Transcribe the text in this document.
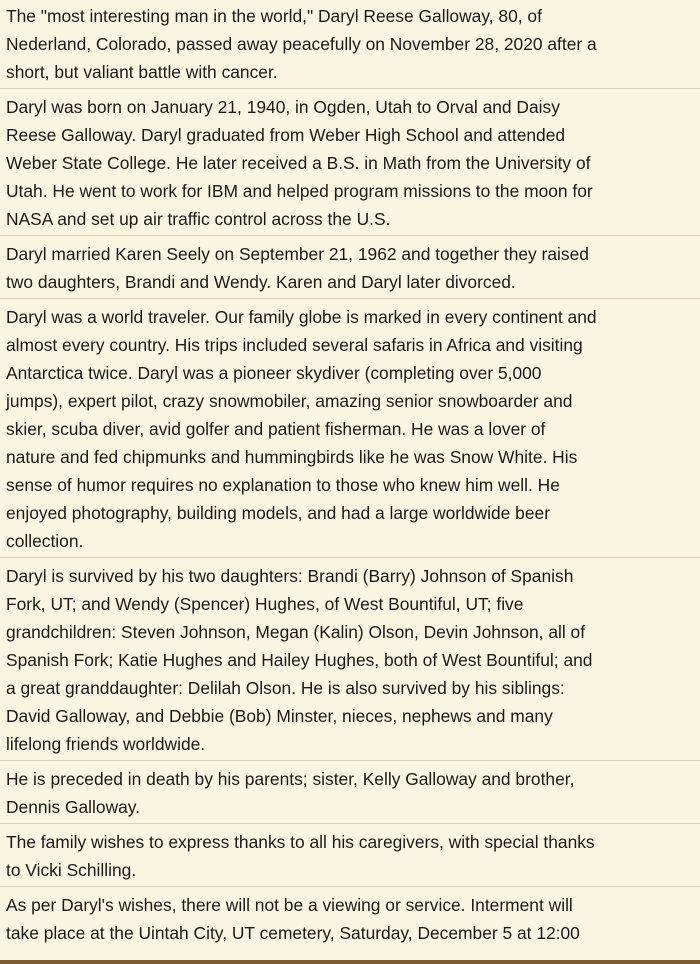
The "most interesting man in the world," Daryl Reese Galloway, 80, of
Nederland, Colorado, passed away peacefully on November 28, 2020 after a
short, but valiant battle with cancer.

Daryl was born on January 21, 1940, in Ogden, Utah to Orval and Daisy
Reese Galloway. Daryl graduated from Weber High School and attended
Weber State College. He later received a B.S. in Math from the University of
Utah. He went to work for IBM and helped program missions to the moon for
NASA and set up air traffic control across the U.S.

Daryl married Karen Seely on September 21, 1962 and together they raised
two daughters, Brandi and Wendy. Karen and Daryl later divorced.

Daryl was a world traveler. Our family globe is marked in every continent and
almost every country. His trips included several safaris in Africa and visiting
Antarctica twice. Daryl was a pioneer skydiver (completing over 5,000
jumps), expert pilot, crazy snowmobiler, amazing senior snowboarder and
skier, scuba diver, avid golfer and patient fisherman. He was a lover of
nature and fed chipmunks and hummingbirds like he was Snow White. His
sense of humor requires no explanation to those who knew him well. He
enjoyed photography, building models, and had a large worldwide beer
collection.

Daryl is survived by his two daughters: Brandi (Barry) Johnson of Spanish
Fork, UT; and Wendy (Spencer) Hughes, of West Bountiful, UT; five
grandchildren: Steven Johnson, Megan (Kalin) Olson, Devin Johnson, all of
Spanish Fork; Katie Hughes and Hailey Hughes, both of West Bountiful; and
a great granddaughter: Delilah Olson. He is also survived by his siblings:
David Galloway, and Debbie (Bob) Minster, nieces, nephews and many
lifelong friends worldwide.

He is preceded in death by his parents; sister, Kelly Galloway and brother,
Dennis Galloway.

The family wishes to express thanks to all his caregivers, with special thanks
to Vicki Schilling.

As per Daryl's wishes, there will not be a viewing or service. Interment will
take place at the Uintah City, UT cemetery, Saturday, December 5 at 12:00
